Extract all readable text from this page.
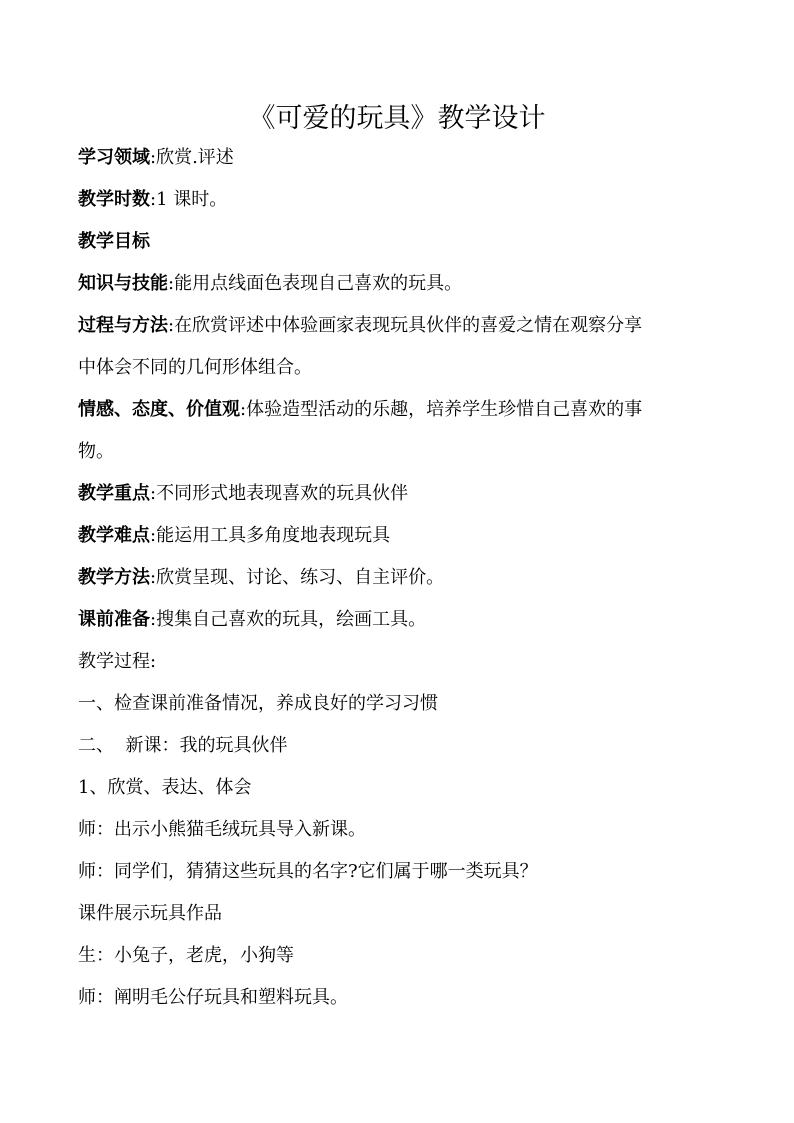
《可爱的玩具》教学设计
学习领域:欣赏.评述
教学时数:1 课时。
教学目标
知识与技能:能用点线面色表现自己喜欢的玩具。
过程与方法:在欣赏评述中体验画家表现玩具伙伴的喜爱之情在观察分享
中体会不同的几何形体组合。
情感、态度、价值观:体验造型活动的乐趣，培养学生珍惜自己喜欢的事
物。
教学重点:不同形式地表现喜欢的玩具伙伴
教学难点:能运用工具多角度地表现玩具
教学方法:欣赏呈现、讨论、练习、自主评价。
课前准备:搜集自己喜欢的玩具，绘画工具。
教学过程:
一、检查课前准备情况，养成良好的学习习惯
二、  新课：我的玩具伙伴
1、欣赏、表达、体会
师：出示小熊猫毛绒玩具导入新课。
师：同学们，猜猜这些玩具的名字?它们属于哪一类玩具？
课件展示玩具作品
生：小兔子，老虎，小狗等
师：阐明毛公仔玩具和塑料玩具。
